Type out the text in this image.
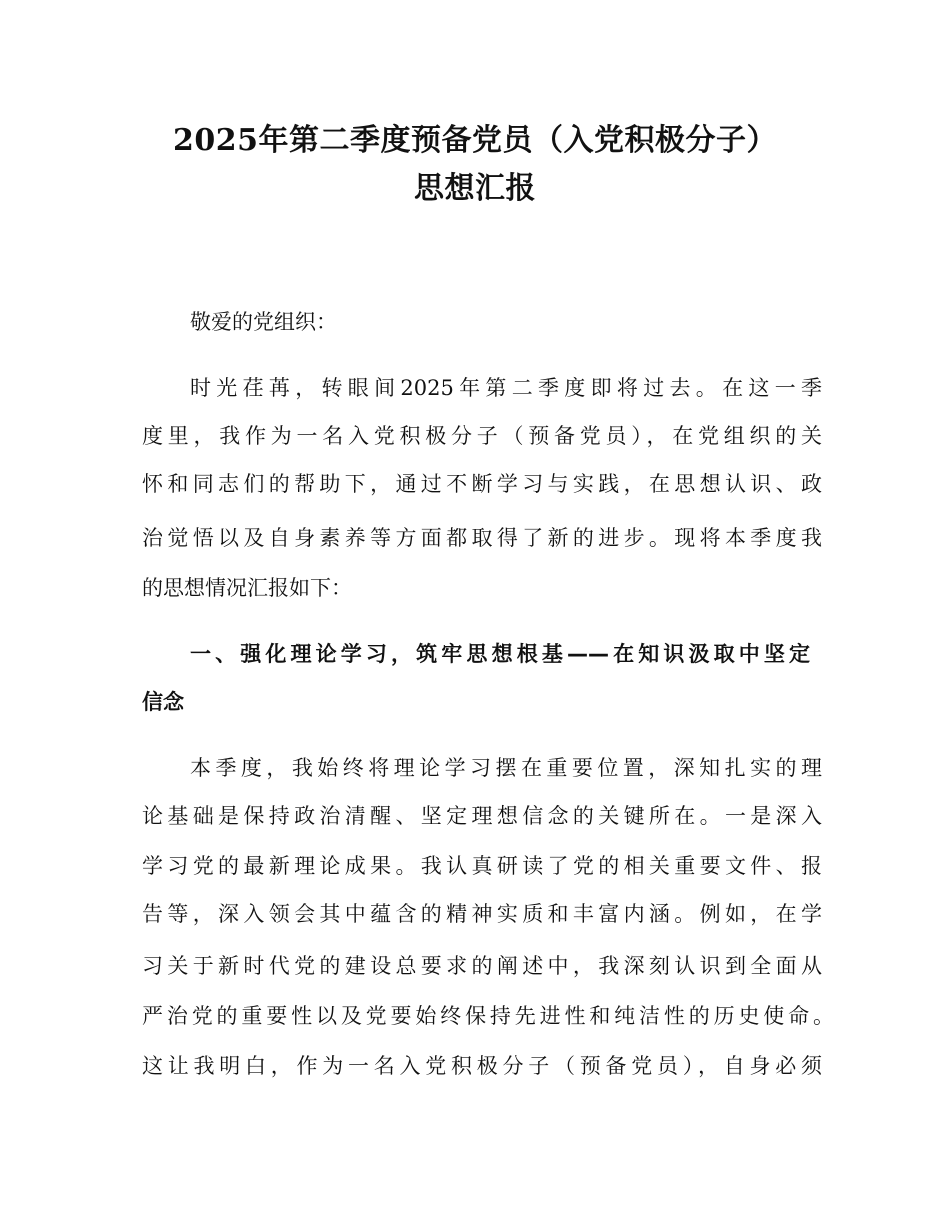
2025年第二季度预备党员（入党积极分子）
思想汇报

敬爱的党组织：

时光荏苒，转眼间2025年第二季度即将过去。在这一季

度里，我作为一名入党积极分子（预备党员），在党组织的关

怀和同志们的帮助下，通过不断学习与实践，在思想认识、政

治觉悟以及自身素养等方面都取得了新的进步。现将本季度我

的思想情况汇报如下：

一、强化理论学习，筑牢思想根基——在知识汲取中坚定

信念

本季度，我始终将理论学习摆在重要位置，深知扎实的理

论基础是保持政治清醒、坚定理想信念的关键所在。一是深入

学习党的最新理论成果。我认真研读了党的相关重要文件、报

告等，深入领会其中蕴含的精神实质和丰富内涵。例如，在学

习关于新时代党的建设总要求的阐述中，我深刻认识到全面从

严治党的重要性以及党要始终保持先进性和纯洁性的历史使命。

这让我明白，作为一名入党积极分子（预备党员），自身必须
